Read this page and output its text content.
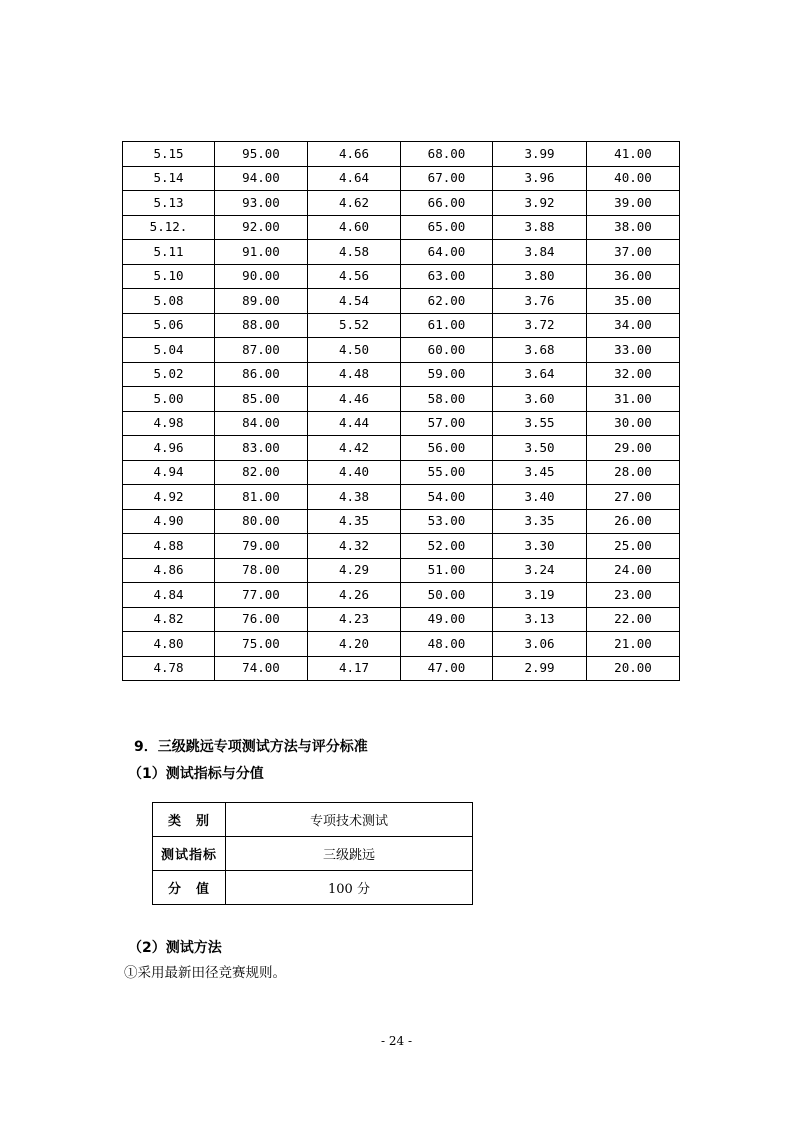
5.15	95.00	4.66	68.00	3.99	41.00
5.14	94.00	4.64	67.00	3.96	40.00
5.13	93.00	4.62	66.00	3.92	39.00
5.12.	92.00	4.60	65.00	3.88	38.00
5.11	91.00	4.58	64.00	3.84	37.00
5.10	90.00	4.56	63.00	3.80	36.00
5.08	89.00	4.54	62.00	3.76	35.00
5.06	88.00	5.52	61.00	3.72	34.00
5.04	87.00	4.50	60.00	3.68	33.00
5.02	86.00	4.48	59.00	3.64	32.00
5.00	85.00	4.46	58.00	3.60	31.00
4.98	84.00	4.44	57.00	3.55	30.00
4.96	83.00	4.42	56.00	3.50	29.00
4.94	82.00	4.40	55.00	3.45	28.00
4.92	81.00	4.38	54.00	3.40	27.00
4.90	80.00	4.35	53.00	3.35	26.00
4.88	79.00	4.32	52.00	3.30	25.00
4.86	78.00	4.29	51.00	3.24	24.00
4.84	77.00	4.26	50.00	3.19	23.00
4.82	76.00	4.23	49.00	3.13	22.00
4.80	75.00	4.20	48.00	3.06	21.00
4.78	74.00	4.17	47.00	2.99	20.00
9．三级跳远专项测试方法与评分标准
（1）测试指标与分值
类　别	专项技术测试
测试指标	三级跳远
分　值	100 分
（2）测试方法
①采用最新田径竞赛规则。
- 24 -
